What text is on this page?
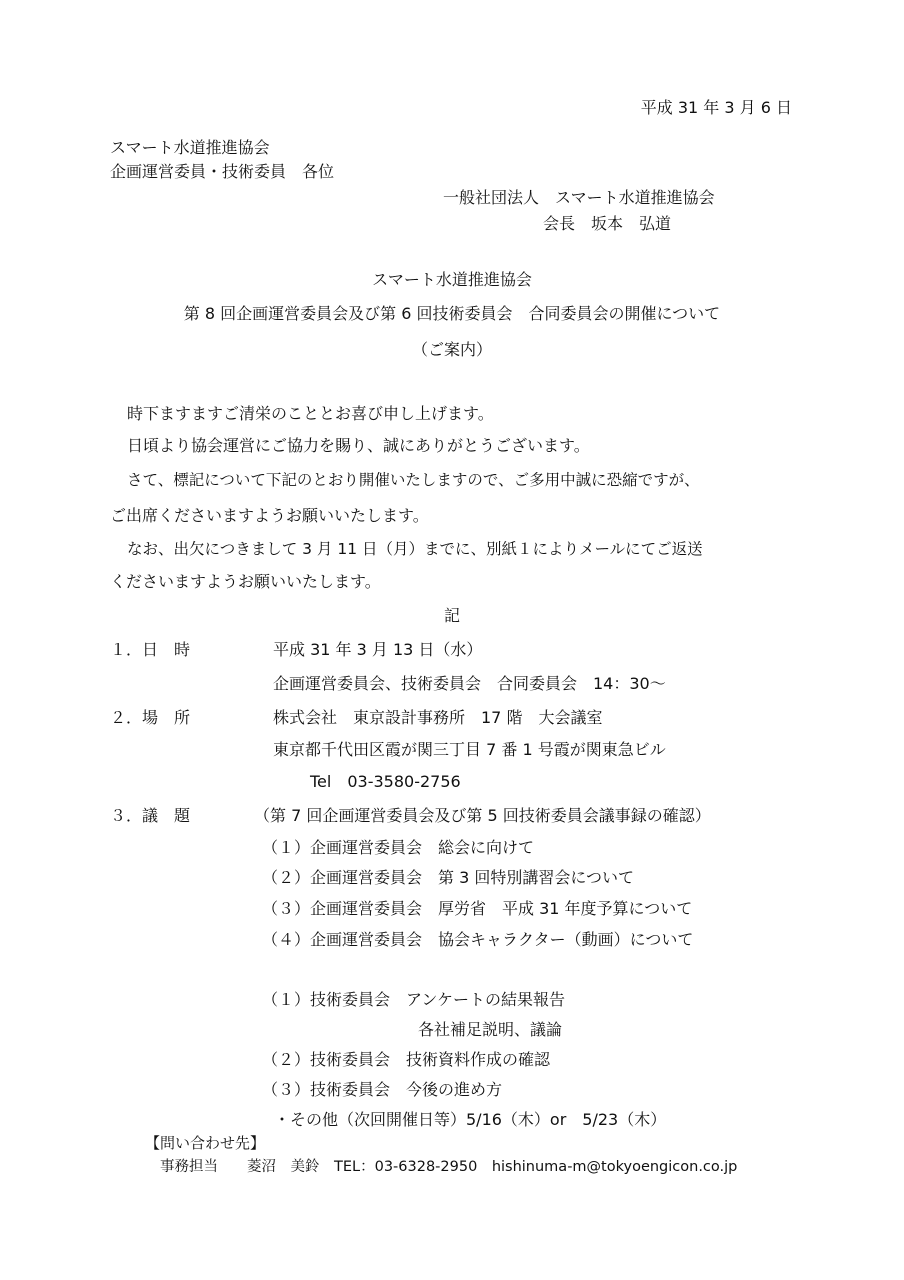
平成 31 年 3 月 6 日

スマート水道推進協会

企画運営委員・技術委員　各位

一般社団法人　スマート水道推進協会

会長　坂本　弘道

スマート水道推進協会

第 8 回企画運営委員会及び第 6 回技術委員会　合同委員会の開催について

（ご案内）

時下ますますご清栄のこととお喜び申し上げます。

日頃より協会運営にご協力を賜り、誠にありがとうございます。

さて、標記について下記のとおり開催いたしますので、ご多用中誠に恐縮ですが、

ご出席くださいますようお願いいたします。

なお、出欠につきまして 3 月 11 日（月）までに、別紙１によりメールにてご返送

くださいますようお願いいたします。

記

１．日　時	平成 31 年 3 月 13 日（水）

企画運営委員会、技術委員会　合同委員会　14：30〜

２．場　所	株式会社　東京設計事務所　17 階　大会議室

東京都千代田区霞が関三丁目 7 番 1 号霞が関東急ビル

Tel　03-3580-2756

３．議　題	（第 7 回企画運営委員会及び第 5 回技術委員会議事録の確認）

（１）企画運営委員会　総会に向けて

（２）企画運営委員会　第 3 回特別講習会について

（３）企画運営委員会　厚労省　平成 31 年度予算について

（４）企画運営委員会　協会キャラクター（動画）について

（１）技術委員会　アンケートの結果報告

各社補足説明、議論

（２）技術委員会　技術資料作成の確認

（３）技術委員会　今後の進め方

・その他（次回開催日等）5/16（木）or　5/23（木）

【問い合わせ先】

事務担当　　菱沼　美鈴　TEL：03-6328-2950　hishinuma-m@tokyoengicon.co.jp
